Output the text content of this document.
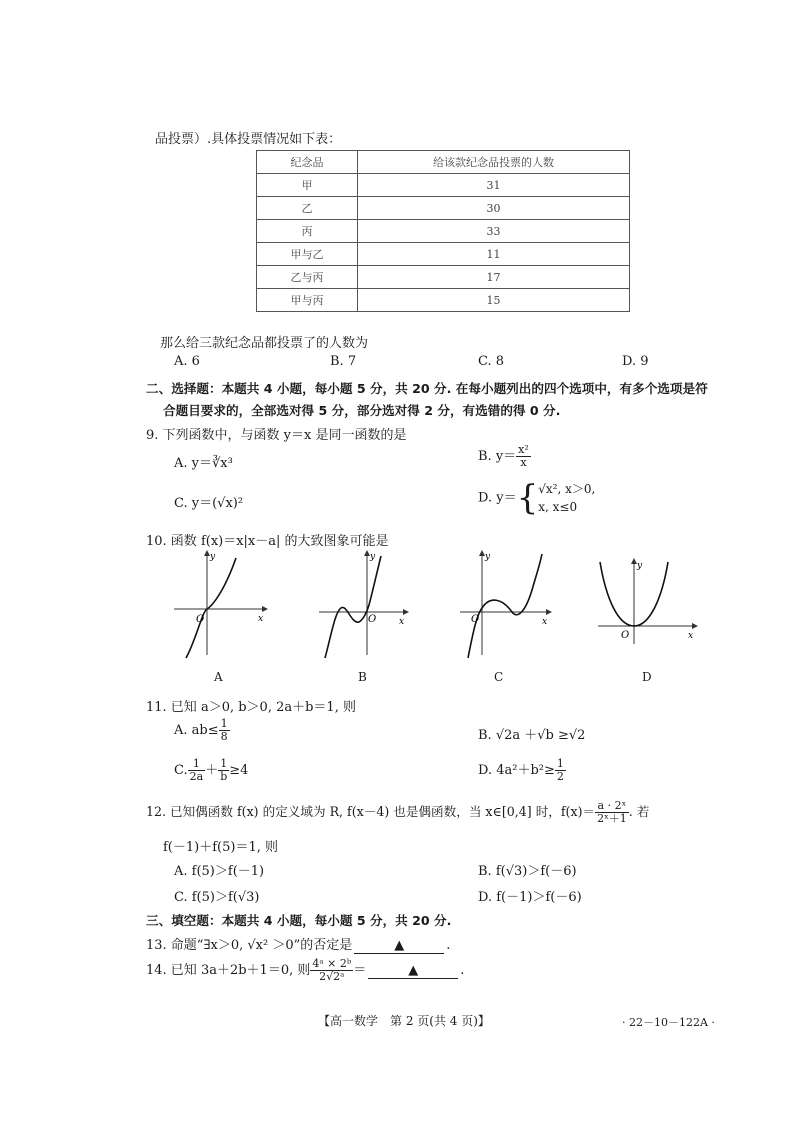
品投票）.具体投票情况如下表：
纪念品	给该款纪念品投票的人数
甲	31
乙	30
丙	33
甲与乙	11
乙与丙	17
甲与丙	15
那么给三款纪念品都投票了的人数为
A. 6	B. 7	C. 8	D. 9
二、选择题：本题共 4 小题，每小题 5 分，共 20 分. 在每小题列出的四个选项中，有多个选项是符
合题目要求的，全部选对得 5 分，部分选对得 2 分，有选错的得 0 分.
9. 下列函数中，与函数 y＝x 是同一函数的是
A. y＝∛x³	B. $y= \frac{\text{x²}}{x}$
C. y＝(√x)²	D. y＝{ √x², x＞0,
x, x≤0
10. 函数 f(x)＝x|x－a| 的大致图象可能是
O	x
y
A
O	x
y
B
O	x
y
C
O	x
y
D
11. 已知 a＞0, b＞0, 2a＋b＝1, 则
A. $ab\le \frac{1}{8}$	B. √2a ＋√b ≥√2
C. $\frac{1}{2a} + \frac{1}{b} \ge 4$	D. $4a^2+b^2\ge \frac{1}{2}$
12. 已知偶函数 f(x) 的定义域为 R, f(x－4) 也是偶函数，当 x∈[0,4] 时，$f(x)= \frac{\text{a · 2ˣ}}{\text{2ˣ＋1}}$ . 若
f(－1)＋f(5)＝1, 则
A. f(5)＞f(－1)	B. f(√3)＞f(－6)
C. f(5)＞f(√3)	D. f(－1)＞f(－6)
三、填空题：本题共 4 小题，每小题 5 分，共 20 分.
13. 命题“∃x＞0, √x² ＞0”的否定是	▲	.
14. 已知 3a＋2b＋1＝0, 则 $\frac{\text{4ᵃ × 2ᵇ}}{\text{2√2ᵃ}}$ ＝	▲	.
【高一数学　第 2 页(共 4 页)】	· 22－10－122A ·
